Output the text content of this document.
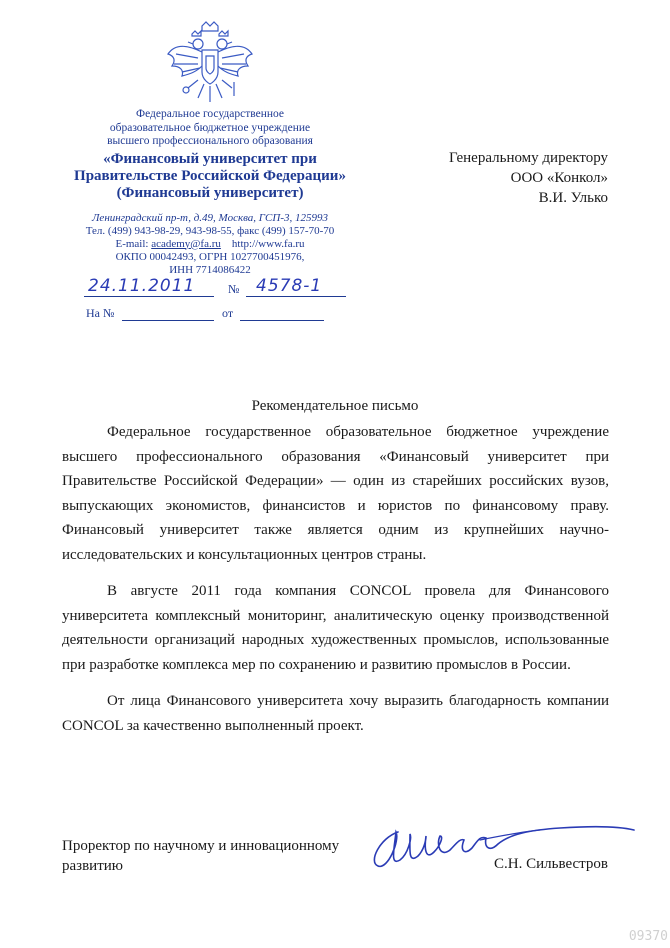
Федеральное государственное

образовательное бюджетное учреждение

высшего профессионального образования

«Финансовый университет при

Правительстве Российской Федерации»

(Финансовый университет)

Ленинградский пр-т, д.49, Москва, ГСП-3, 125993

Тел. (499) 943-98-29, 943-98-55, факс (499) 157-70-70

E-mail: academy@fa.ru http://www.fa.ru

ОКПО 00042493, ОГРН 1027700451976,

ИНН 7714086422

24.11.2011	№ 4578-1
На №	от

Генеральному директору

ООО «Конкол»

В.И. Улько

Рекомендательное письмо

Федеральное государственное образовательное бюджетное учреждение высшего профессионального образования «Финансовый университет при Правительстве Российской Федерации» — один из старейших российских вузов, выпускающих экономистов, финансистов и юристов по финансовому праву. Финансовый университет также является одним из крупнейших научно-исследовательских и консультационных центров страны.

В августе 2011 года компания CONCOL провела для Финансового университета комплексный мониторинг, аналитическую оценку производственной деятельности организаций народных художественных промыслов, использованные при разработке комплекса мер по сохранению и развитию промыслов в России.

От лица Финансового университета хочу выразить благодарность компании CONCOL за качественно выполненный проект.

Проректор по научному и инновационному

развитию	С.Н. Сильвестров
09370
